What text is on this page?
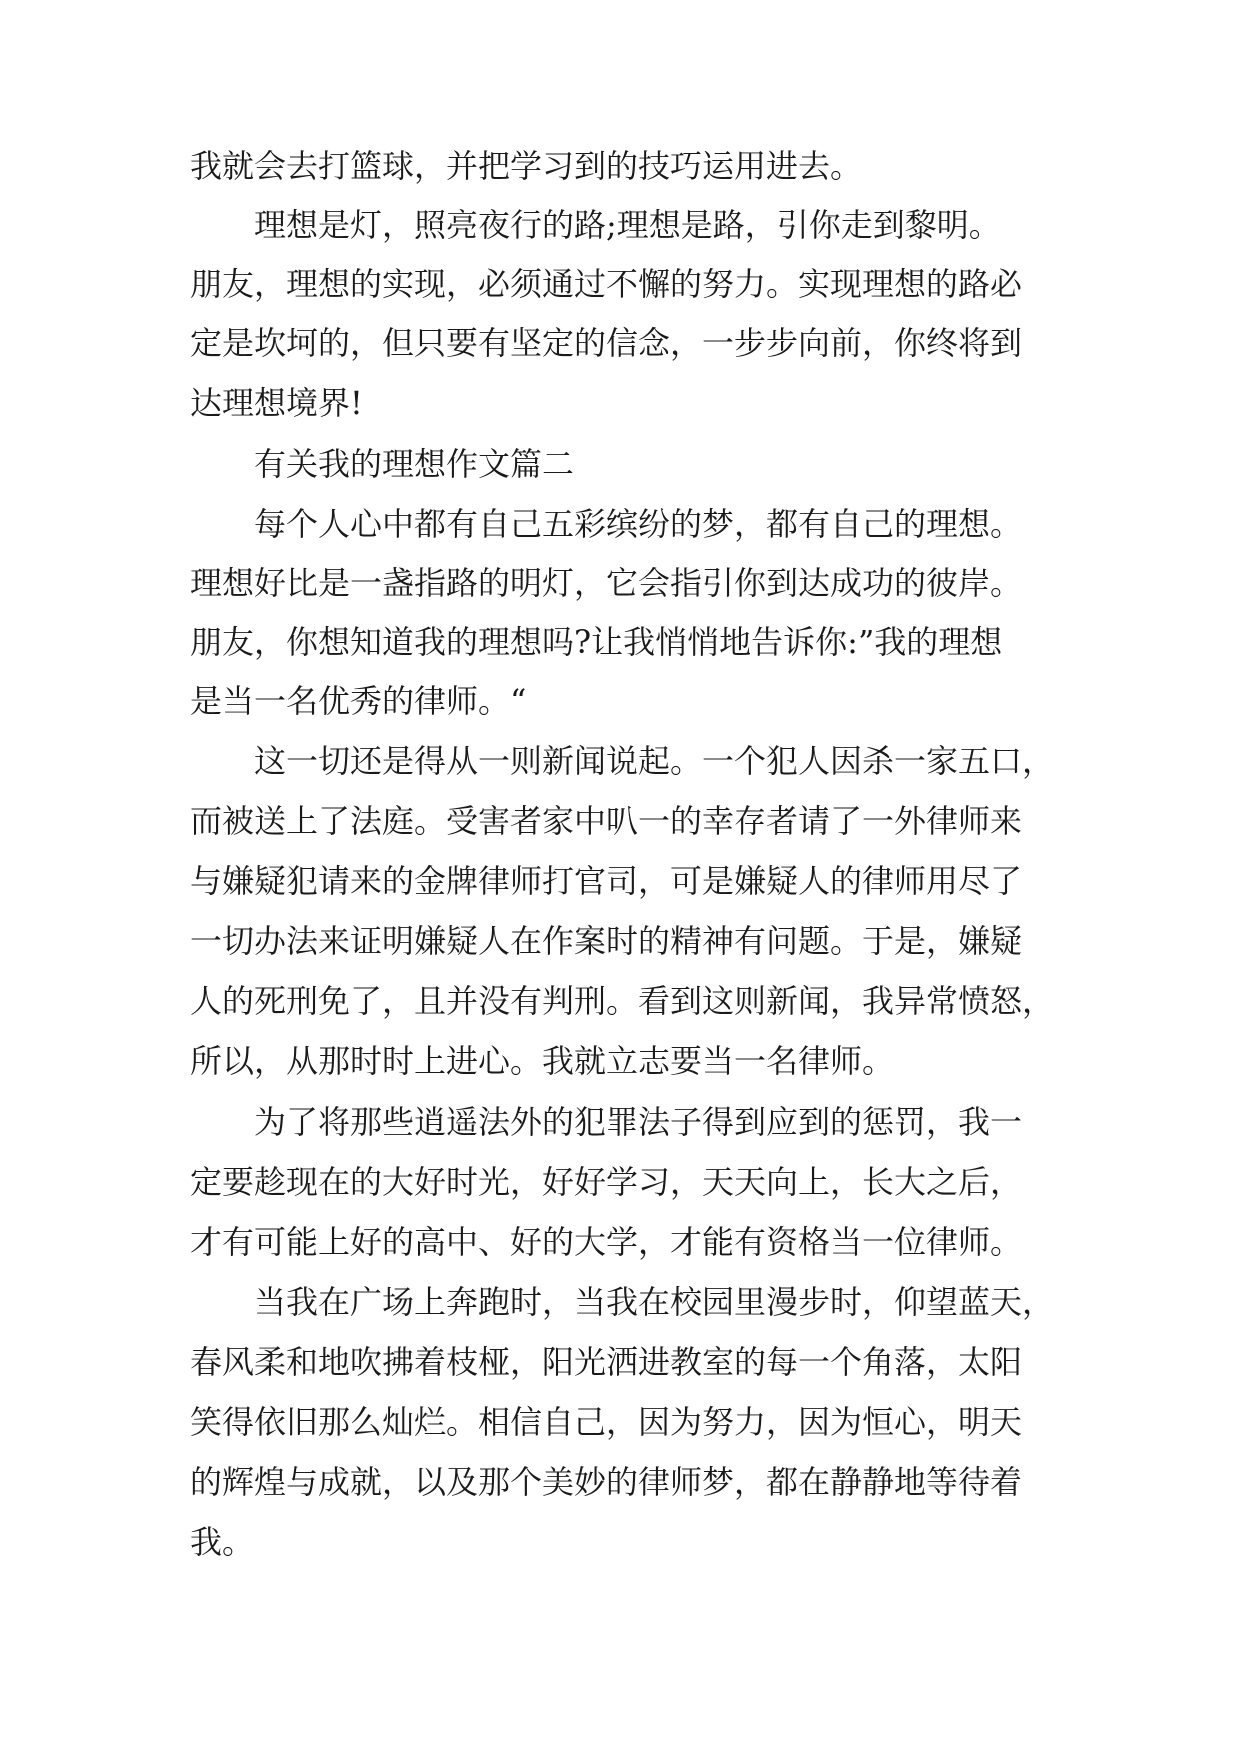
我就会去打篮球，并把学习到的技巧运用进去。
理想是灯，照亮夜行的路;理想是路，引你走到黎明。
朋友，理想的实现，必须通过不懈的努力。实现理想的路必
定是坎坷的，但只要有坚定的信念，一步步向前，你终将到
达理想境界!
有关我的理想作文篇二
每个人心中都有自己五彩缤纷的梦，都有自己的理想。
理想好比是一盏指路的明灯，它会指引你到达成功的彼岸。
朋友，你想知道我的理想吗?让我悄悄地告诉你:”我的理想
是当一名优秀的律师。“
这一切还是得从一则新闻说起。一个犯人因杀一家五口，
而被送上了法庭。受害者家中叭一的幸存者请了一外律师来
与嫌疑犯请来的金牌律师打官司，可是嫌疑人的律师用尽了
一切办法来证明嫌疑人在作案时的精神有问题。于是，嫌疑
人的死刑免了，且并没有判刑。看到这则新闻，我异常愤怒，
所以，从那时时上进心。我就立志要当一名律师。
为了将那些逍遥法外的犯罪法子得到应到的惩罚，我一
定要趁现在的大好时光，好好学习，天天向上，长大之后，
才有可能上好的高中、好的大学，才能有资格当一位律师。
当我在广场上奔跑时，当我在校园里漫步时，仰望蓝天，
春风柔和地吹拂着枝桠，阳光洒进教室的每一个角落，太阳
笑得依旧那么灿烂。相信自己，因为努力，因为恒心，明天
的辉煌与成就，以及那个美妙的律师梦，都在静静地等待着
我。
